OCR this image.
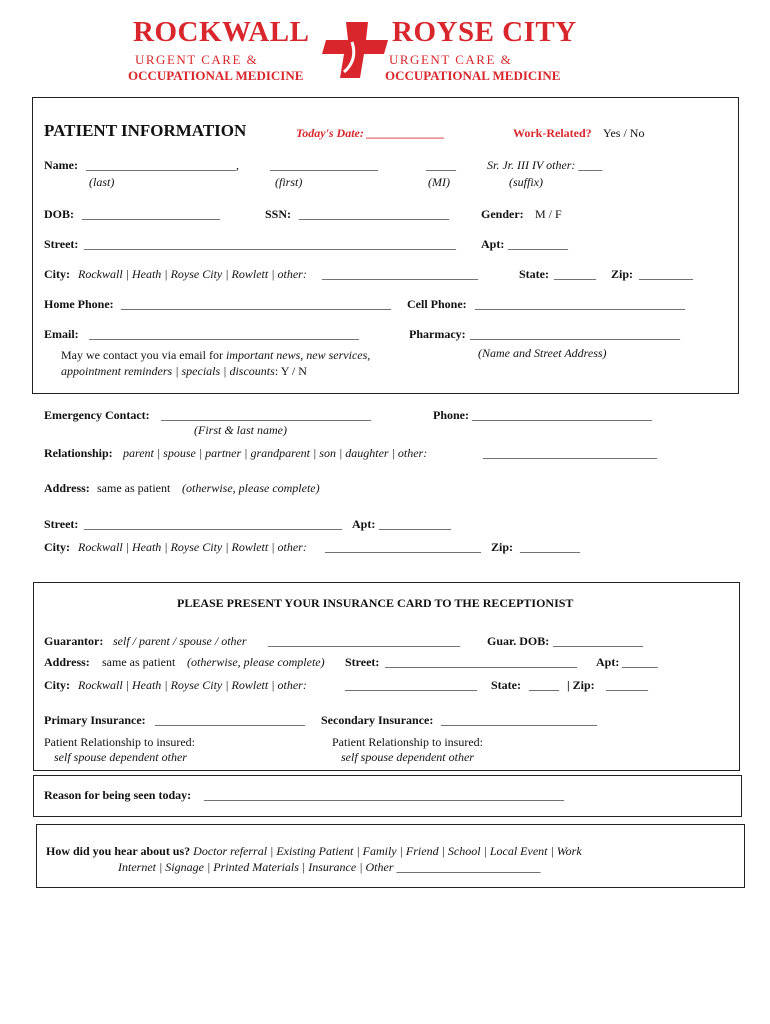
ROCKWALL
URGENT CARE &
OCCUPATIONAL MEDICINE
ROYSE CITY
URGENT CARE &
OCCUPATIONAL MEDICINE
PATIENT INFORMATION	Today's Date: _____________	Work-Related? Yes / No
Name: _________________________,	__________________	_____	Sr. Jr. III IV other: ____
(last)	(first)	(MI)	(suffix)
DOB: _______________________	SSN: _________________________	Gender: M / F
Street: ______________________________________________________________ Apt: __________
City: Rockwall | Heath | Royse City | Rowlett | other: __________________________	State: _______ Zip: _________
Home Phone: _____________________________________________ Cell Phone: ___________________________________
Email: _____________________________________________	Pharmacy: ___________________________________
(Name and Street Address)
May we contact you via email for important news, new services,
appointment reminders | specials | discounts: Y / N
Emergency Contact: ___________________________________
(First & last name)
Phone: ______________________________
Relationship: parent | spouse | partner | grandparent | son | daughter | other:	_____________________________
Address: same as patient (otherwise, please complete)
Street: ___________________________________________ Apt: ____________
City: Rockwall | Heath | Royse City | Rowlett | other: __________________________ Zip: __________
PLEASE PRESENT YOUR INSURANCE CARD TO THE RECEPTIONIST
Guarantor: self / parent / spouse / other ________________________________ Guar. DOB: _______________
Address: same as patient (otherwise, please complete) Street: ________________________________ Apt: ______
City: Rockwall | Heath | Royse City | Rowlett | other:	______________________ State: _____ | Zip: _______
Primary Insurance: _________________________ Secondary Insurance: __________________________
Patient Relationship to insured:
self spouse dependent other
Patient Relationship to insured:
self spouse dependent other
Reason for being seen today: ____________________________________________________________
How did you hear about us? Doctor referral | Existing Patient | Family | Friend | School | Local Event | Work
Internet | Signage | Printed Materials | Insurance | Other ________________________
